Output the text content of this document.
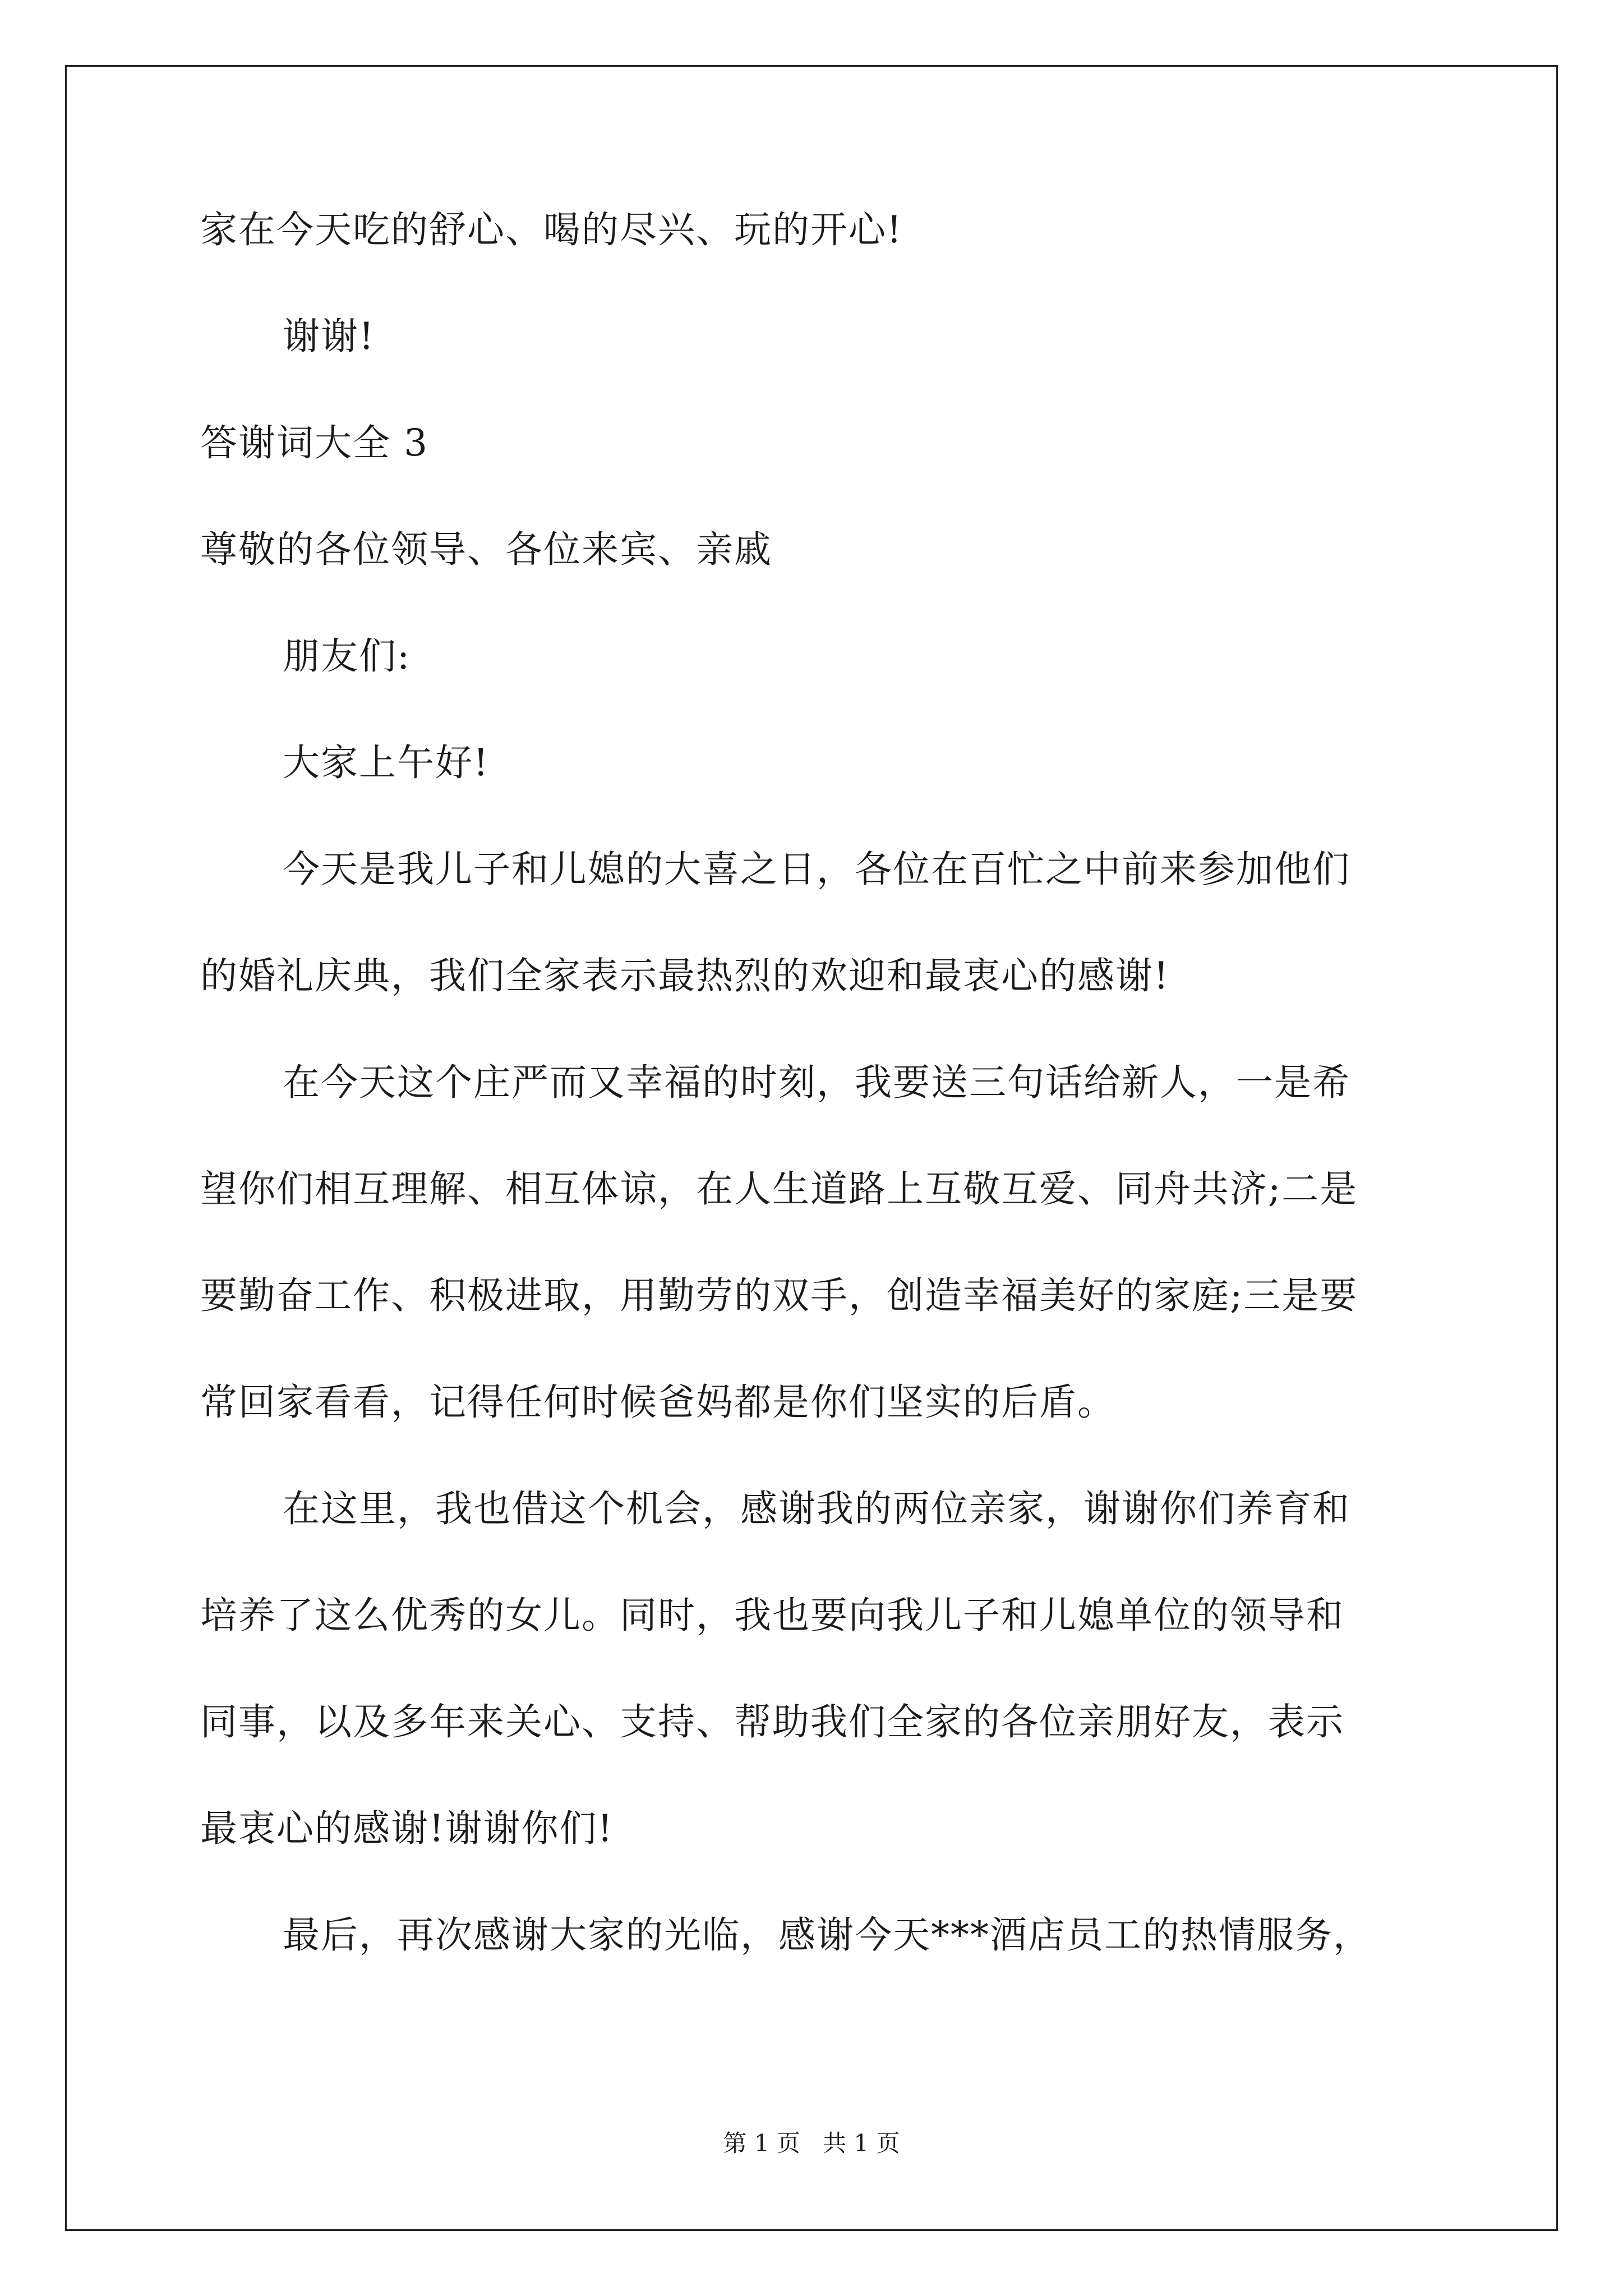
家在今天吃的舒心、喝的尽兴、玩的开心!
谢谢!
答谢词大全 3
尊敬的各位领导、各位来宾、亲戚
朋友们:
大家上午好!
今天是我儿子和儿媳的大喜之日，各位在百忙之中前来参加他们
的婚礼庆典，我们全家表示最热烈的欢迎和最衷心的感谢!
在今天这个庄严而又幸福的时刻，我要送三句话给新人，一是希
望你们相互理解、相互体谅，在人生道路上互敬互爱、同舟共济;二是
要勤奋工作、积极进取，用勤劳的双手，创造幸福美好的家庭;三是要
常回家看看，记得任何时候爸妈都是你们坚实的后盾。
在这里，我也借这个机会，感谢我的两位亲家，谢谢你们养育和
培养了这么优秀的女儿。同时，我也要向我儿子和儿媳单位的领导和
同事，以及多年来关心、支持、帮助我们全家的各位亲朋好友，表示
最衷心的感谢!谢谢你们!
最后，再次感谢大家的光临，感谢今天***酒店员工的热情服务，
第 1 页   共 1 页
